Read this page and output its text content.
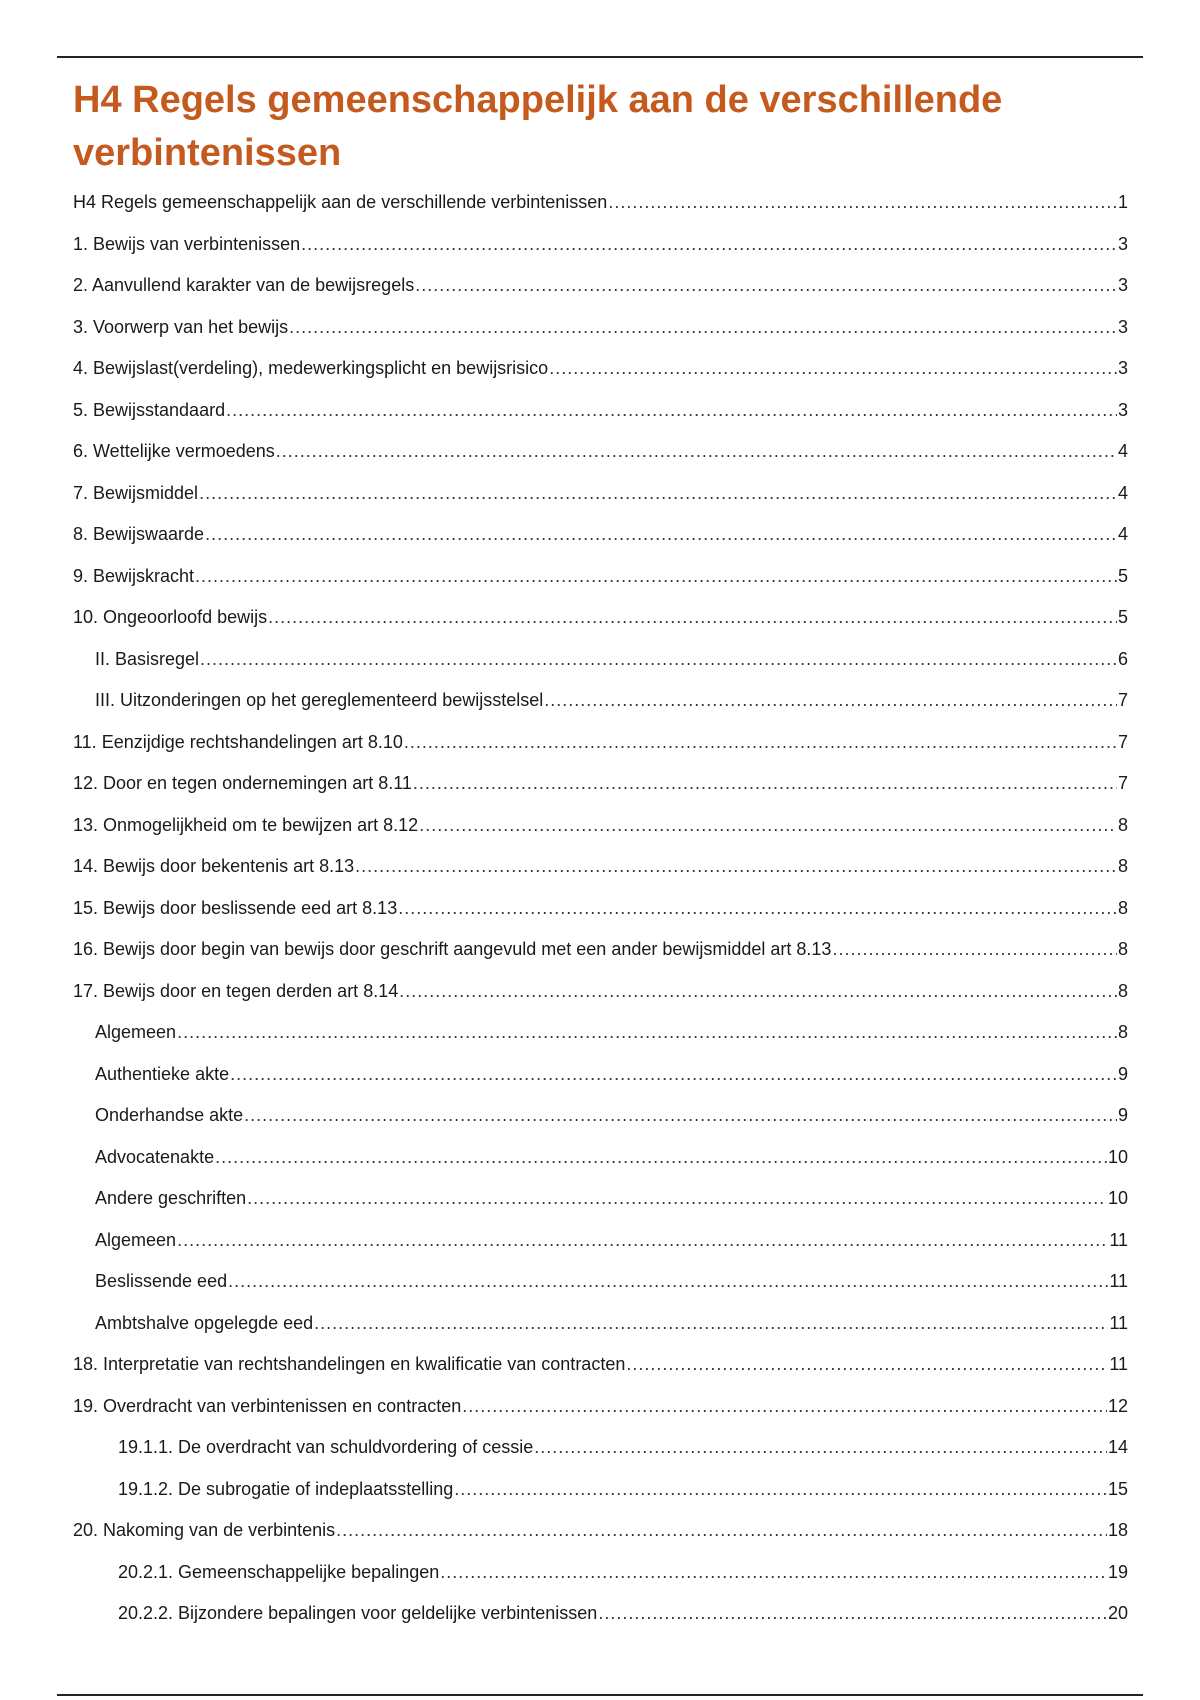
H4 Regels gemeenschappelijk aan de verschillende verbintenissen
H4 Regels gemeenschappelijk aan de verschillende verbintenissen .....	1
1. Bewijs van verbintenissen .....	3
2. Aanvullend karakter van de bewijsregels .....	3
3. Voorwerp van het bewijs .....	3
4. Bewijslast(verdeling), medewerkingsplicht en bewijsrisico .....	3
5. Bewijsstandaard .....	3
6. Wettelijke vermoedens .....	4
7. Bewijsmiddel .....	4
8. Bewijswaarde .....	4
9. Bewijskracht .....	5
10. Ongeoorloofd bewijs .....	5
II. Basisregel .....	6
III. Uitzonderingen op het gereglementeerd bewijsstelsel .....	7
11. Eenzijdige rechtshandelingen art 8.10 .....	7
12. Door en tegen ondernemingen art 8.11 .....	7
13. Onmogelijkheid om te bewijzen art 8.12 .....	8
14. Bewijs door bekentenis art 8.13 .....	8
15. Bewijs door beslissende eed art 8.13 .....	8
16. Bewijs door begin van bewijs door geschrift aangevuld met een ander bewijsmiddel art 8.13 .....	8
17. Bewijs door en tegen derden art 8.14 .....	8
Algemeen .....	8
Authentieke akte .....	9
Onderhandse akte .....	9
Advocatenakte .....	10
Andere geschriften .....	10
Algemeen .....	11
Beslissende eed .....	11
Ambtshalve opgelegde eed .....	11
18. Interpretatie van rechtshandelingen en kwalificatie van contracten .....	11
19. Overdracht van verbintenissen en contracten .....	12
19.1.1. De overdracht van schuldvordering of cessie .....	14
19.1.2. De subrogatie of indeplaatsstelling .....	15
20. Nakoming van de verbintenis .....	18
20.2.1. Gemeenschappelijke bepalingen .....	19
20.2.2. Bijzondere bepalingen voor geldelijke verbintenissen .....	20
